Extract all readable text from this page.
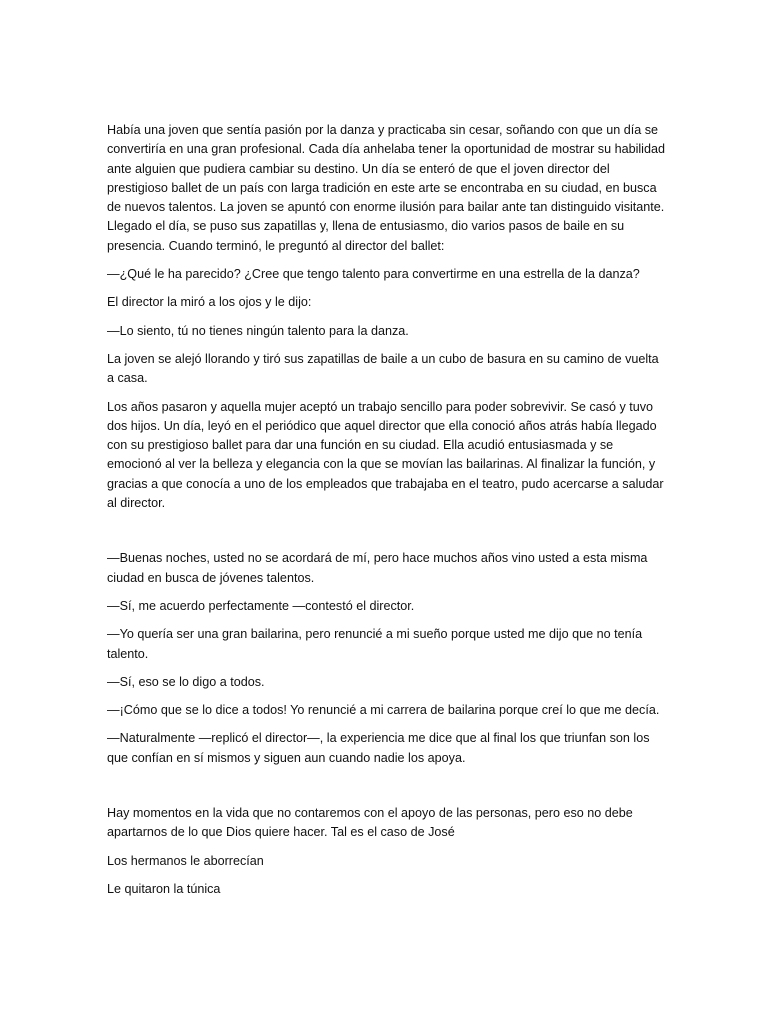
Había una joven que sentía pasión por la danza y practicaba sin cesar, soñando con que un día se convertiría en una gran profesional. Cada día anhelaba tener la oportunidad de mostrar su habilidad ante alguien que pudiera cambiar su destino. Un día se enteró de que el joven director del prestigioso ballet de un país con larga tradición en este arte se encontraba en su ciudad, en busca de nuevos talentos. La joven se apuntó con enorme ilusión para bailar ante tan distinguido visitante. Llegado el día, se puso sus zapatillas y, llena de entusiasmo, dio varios pasos de baile en su presencia. Cuando terminó, le preguntó al director del ballet:

—¿Qué le ha parecido? ¿Cree que tengo talento para convertirme en una estrella de la danza?

El director la miró a los ojos y le dijo:

—Lo siento, tú no tienes ningún talento para la danza.

La joven se alejó llorando y tiró sus zapatillas de baile a un cubo de basura en su camino de vuelta a casa.

Los años pasaron y aquella mujer aceptó un trabajo sencillo para poder sobrevivir. Se casó y tuvo dos hijos. Un día, leyó en el periódico que aquel director que ella conoció años atrás había llegado con su prestigioso ballet para dar una función en su ciudad. Ella acudió entusiasmada y se emocionó al ver la belleza y elegancia con la que se movían las bailarinas. Al finalizar la función, y gracias a que conocía a uno de los empleados que trabajaba en el teatro, pudo acercarse a saludar al director.

—Buenas noches, usted no se acordará de mí, pero hace muchos años vino usted a esta misma ciudad en busca de jóvenes talentos.

—Sí, me acuerdo perfectamente —contestó el director.

—Yo quería ser una gran bailarina, pero renuncié a mi sueño porque usted me dijo que no tenía talento.

—Sí, eso se lo digo a todos.

—¡Cómo que se lo dice a todos! Yo renuncié a mi carrera de bailarina porque creí lo que me decía.

—Naturalmente —replicó el director—, la experiencia me dice que al final los que triunfan son los que confían en sí mismos y siguen aun cuando nadie los apoya.

Hay momentos en la vida que no contaremos con el apoyo de las personas, pero eso no debe apartarnos de lo que Dios quiere hacer. Tal es el caso de José

Los hermanos le aborrecían

Le quitaron la túnica
